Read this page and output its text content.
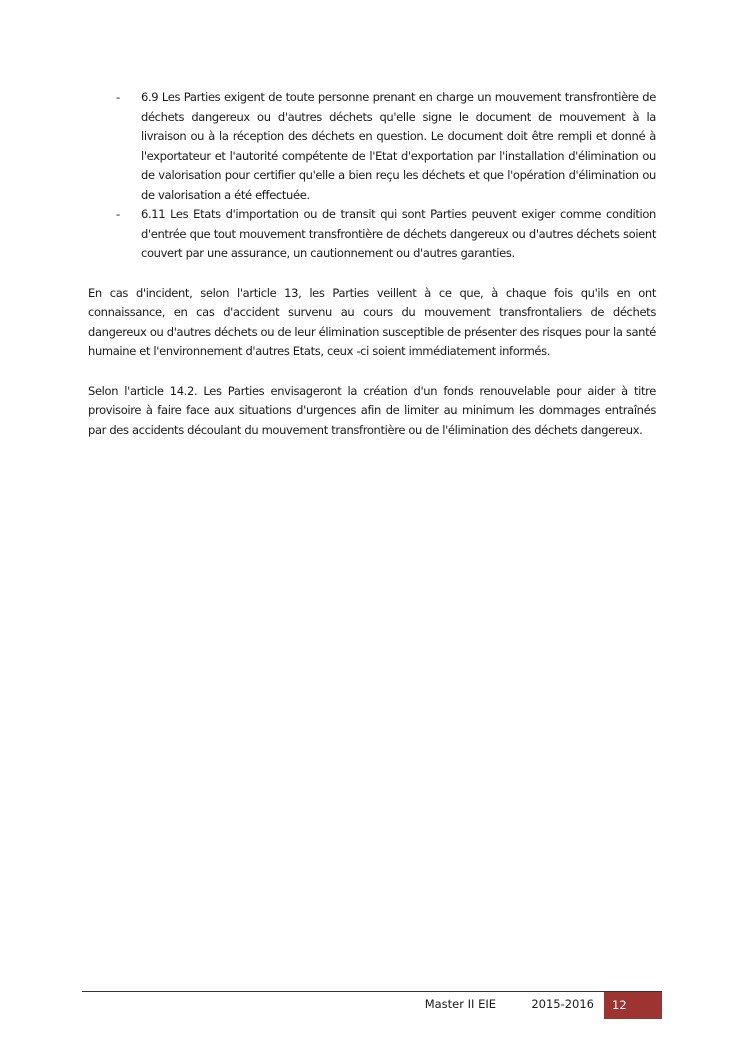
- 6.9 Les Parties exigent de toute personne prenant en charge un mouvement transfrontière de déchets dangereux ou d'autres déchets qu'elle signe le document de mouvement à la livraison ou à la réception des déchets en question. Le document doit être rempli et donné à l'exportateur et l'autorité compétente de l'Etat d'exportation par l'installation d'élimination ou de valorisation pour certifier qu'elle a bien reçu les déchets et que l'opération d'élimination ou de valorisation a été effectuée.
- 6.11 Les Etats d'importation ou de transit qui sont Parties peuvent exiger comme condition d'entrée que tout mouvement transfrontière de déchets dangereux ou d'autres déchets soient couvert par une assurance, un cautionnement ou d'autres garanties.

En cas d'incident, selon l'article 13, les Parties veillent à ce que, à chaque fois qu'ils en ont connaissance, en cas d'accident survenu au cours du mouvement transfrontaliers de déchets dangereux ou d'autres déchets ou de leur élimination susceptible de présenter des risques pour la santé humaine et l'environnement d'autres Etats, ceux -ci soient immédiatement informés.

Selon l'article 14.2. Les Parties envisageront la création d'un fonds renouvelable pour aider à titre provisoire à faire face aux situations d'urgences afin de limiter au minimum les dommages entraînés par des accidents découlant du mouvement transfrontière ou de l'élimination des déchets dangereux.

Master II EIE	2015-2016	12
